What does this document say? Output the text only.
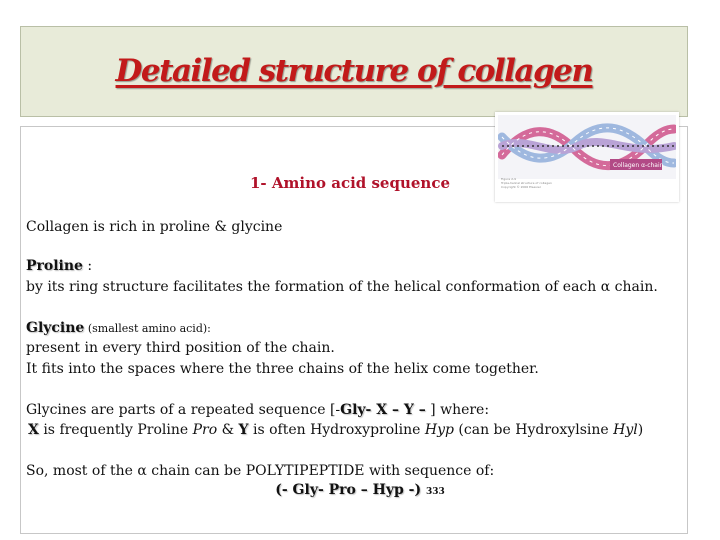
Detailed structure of collagen
Collagen α-chain
Figure 2-9
Triple-helical structure of collagen
Copyright © 2006 Elsevier
1- Amino acid sequence
Collagen is rich in proline & glycine
Proline :
by its ring structure facilitates the formation of the helical conformation of each α chain.
Glycine (smallest amino acid):
present in every third position of the chain.
It fits into the spaces where the three chains of the helix come together.
Glycines are parts of a repeated sequence [-Gly- X – Y – ] where:
X is frequently Proline Pro & Y is often Hydroxyproline Hyp (can be Hydroxylsine Hyl)
So, most of the α chain can be POLYTIPEPTIDE with sequence of:
(- Gly- Pro – Hyp -) 333
